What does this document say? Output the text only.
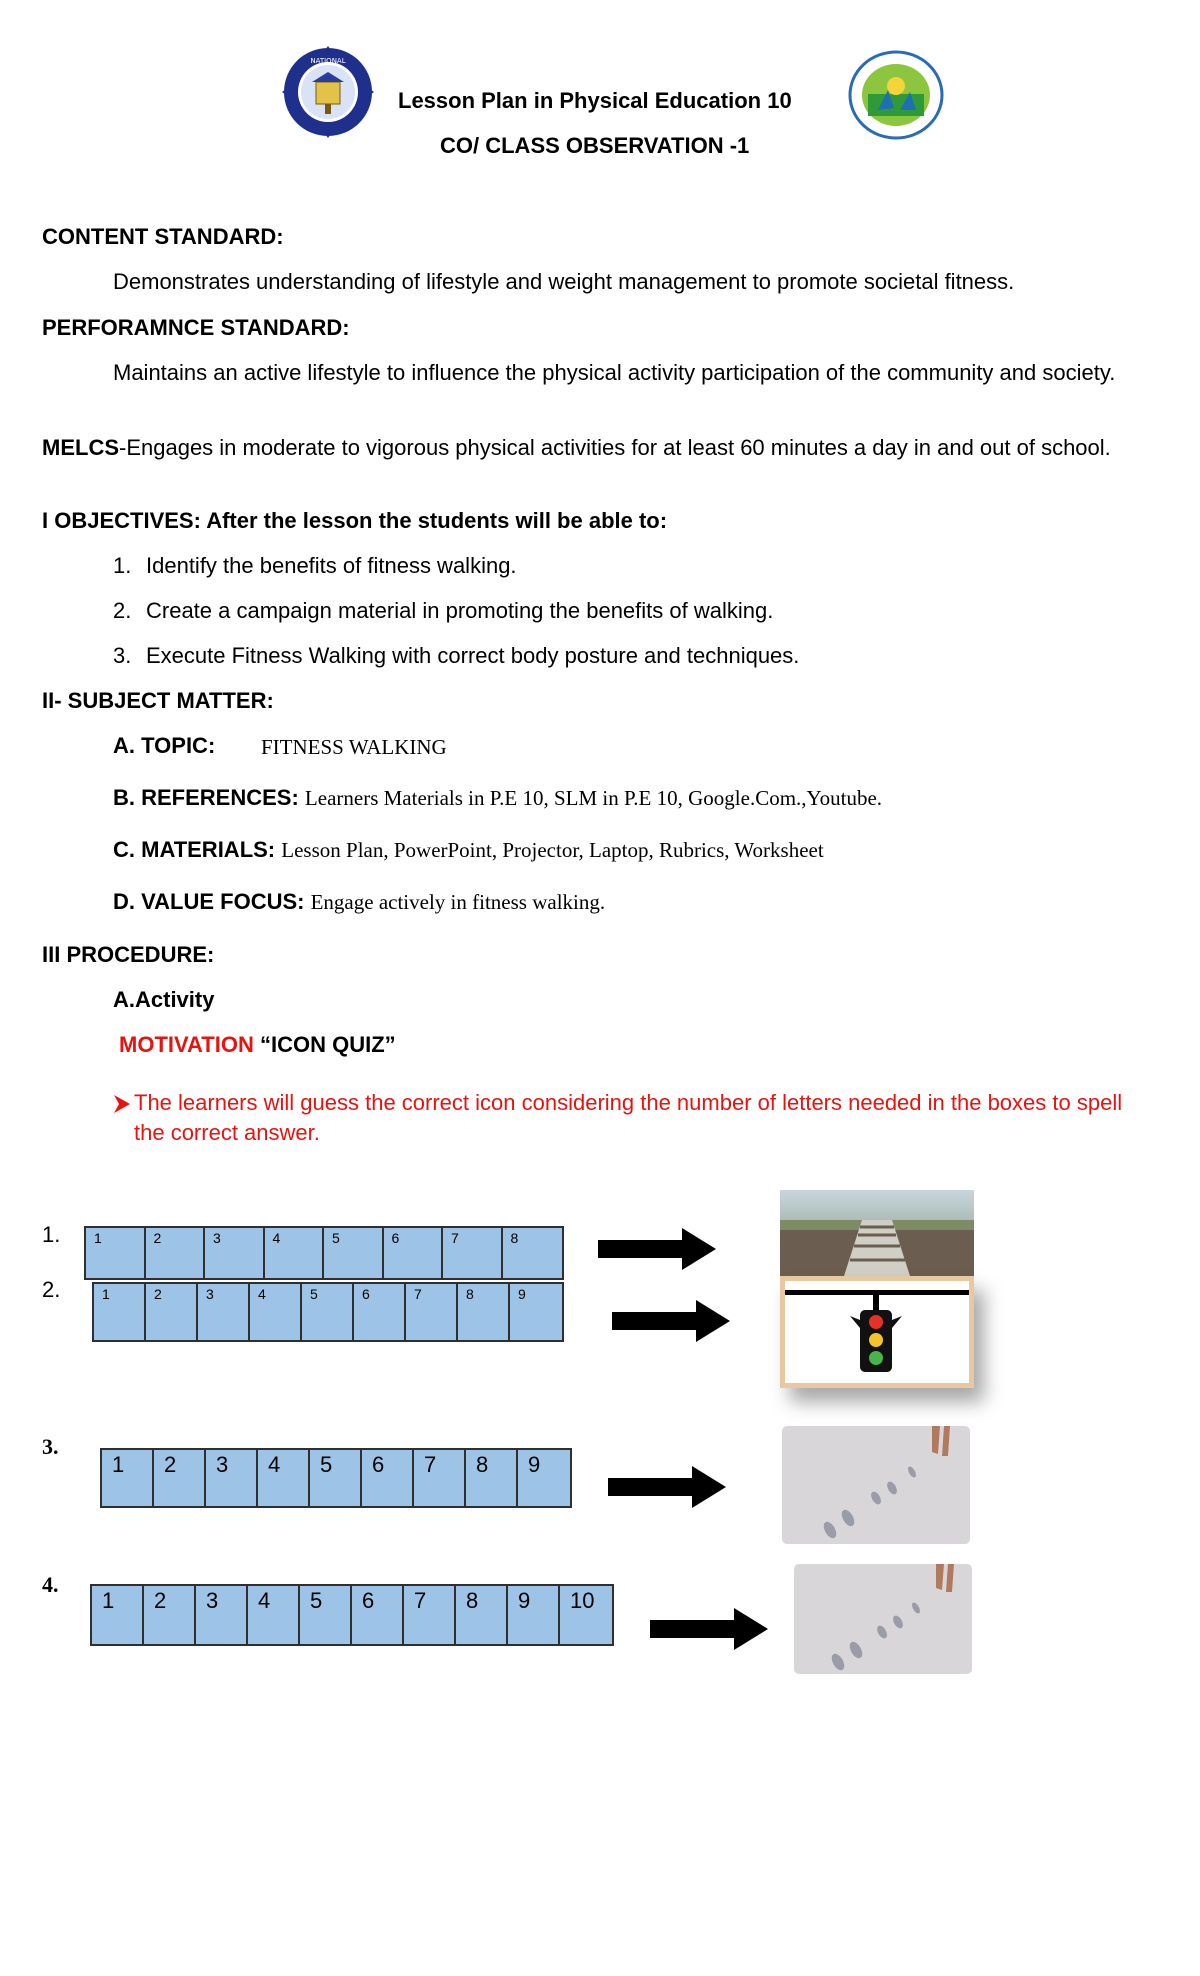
NATIONAL
Lesson Plan in Physical Education 10
CO/ CLASS OBSERVATION -1
CONTENT STANDARD:
Demonstrates understanding of lifestyle and weight management to promote societal fitness.
PERFORAMNCE STANDARD:
Maintains an active lifestyle to influence the physical activity participation of the community and society.
MELCS-Engages in moderate to vigorous physical activities for at least 60 minutes a day in and out of school.
I OBJECTIVES: After the lesson the students will be able to:
1. Identify the benefits of fitness walking.
2. Create a campaign material in promoting the benefits of walking.
3. Execute Fitness Walking with correct body posture and techniques.
II- SUBJECT MATTER:
A. TOPIC: FITNESS WALKING
B. REFERENCES: Learners Materials in P.E 10, SLM in P.E 10, Google.Com.,Youtube.
C. MATERIALS: Lesson Plan, PowerPoint, Projector, Laptop, Rubrics, Worksheet
D. VALUE FOCUS: Engage actively in fitness walking.
III PROCEDURE:
A.Activity
MOTIVATION “ICON QUIZ”
The learners will guess the correct icon considering the number of letters needed in the boxes to spell the correct answer.
1. 1	2	3	4	5	6	7	8
2.	1	2	3	4	5	6	7	8	9
3.
1 2 3 4 5 6 7 8 9
4.
1 2 3 4 5 6 7 8 9 10
